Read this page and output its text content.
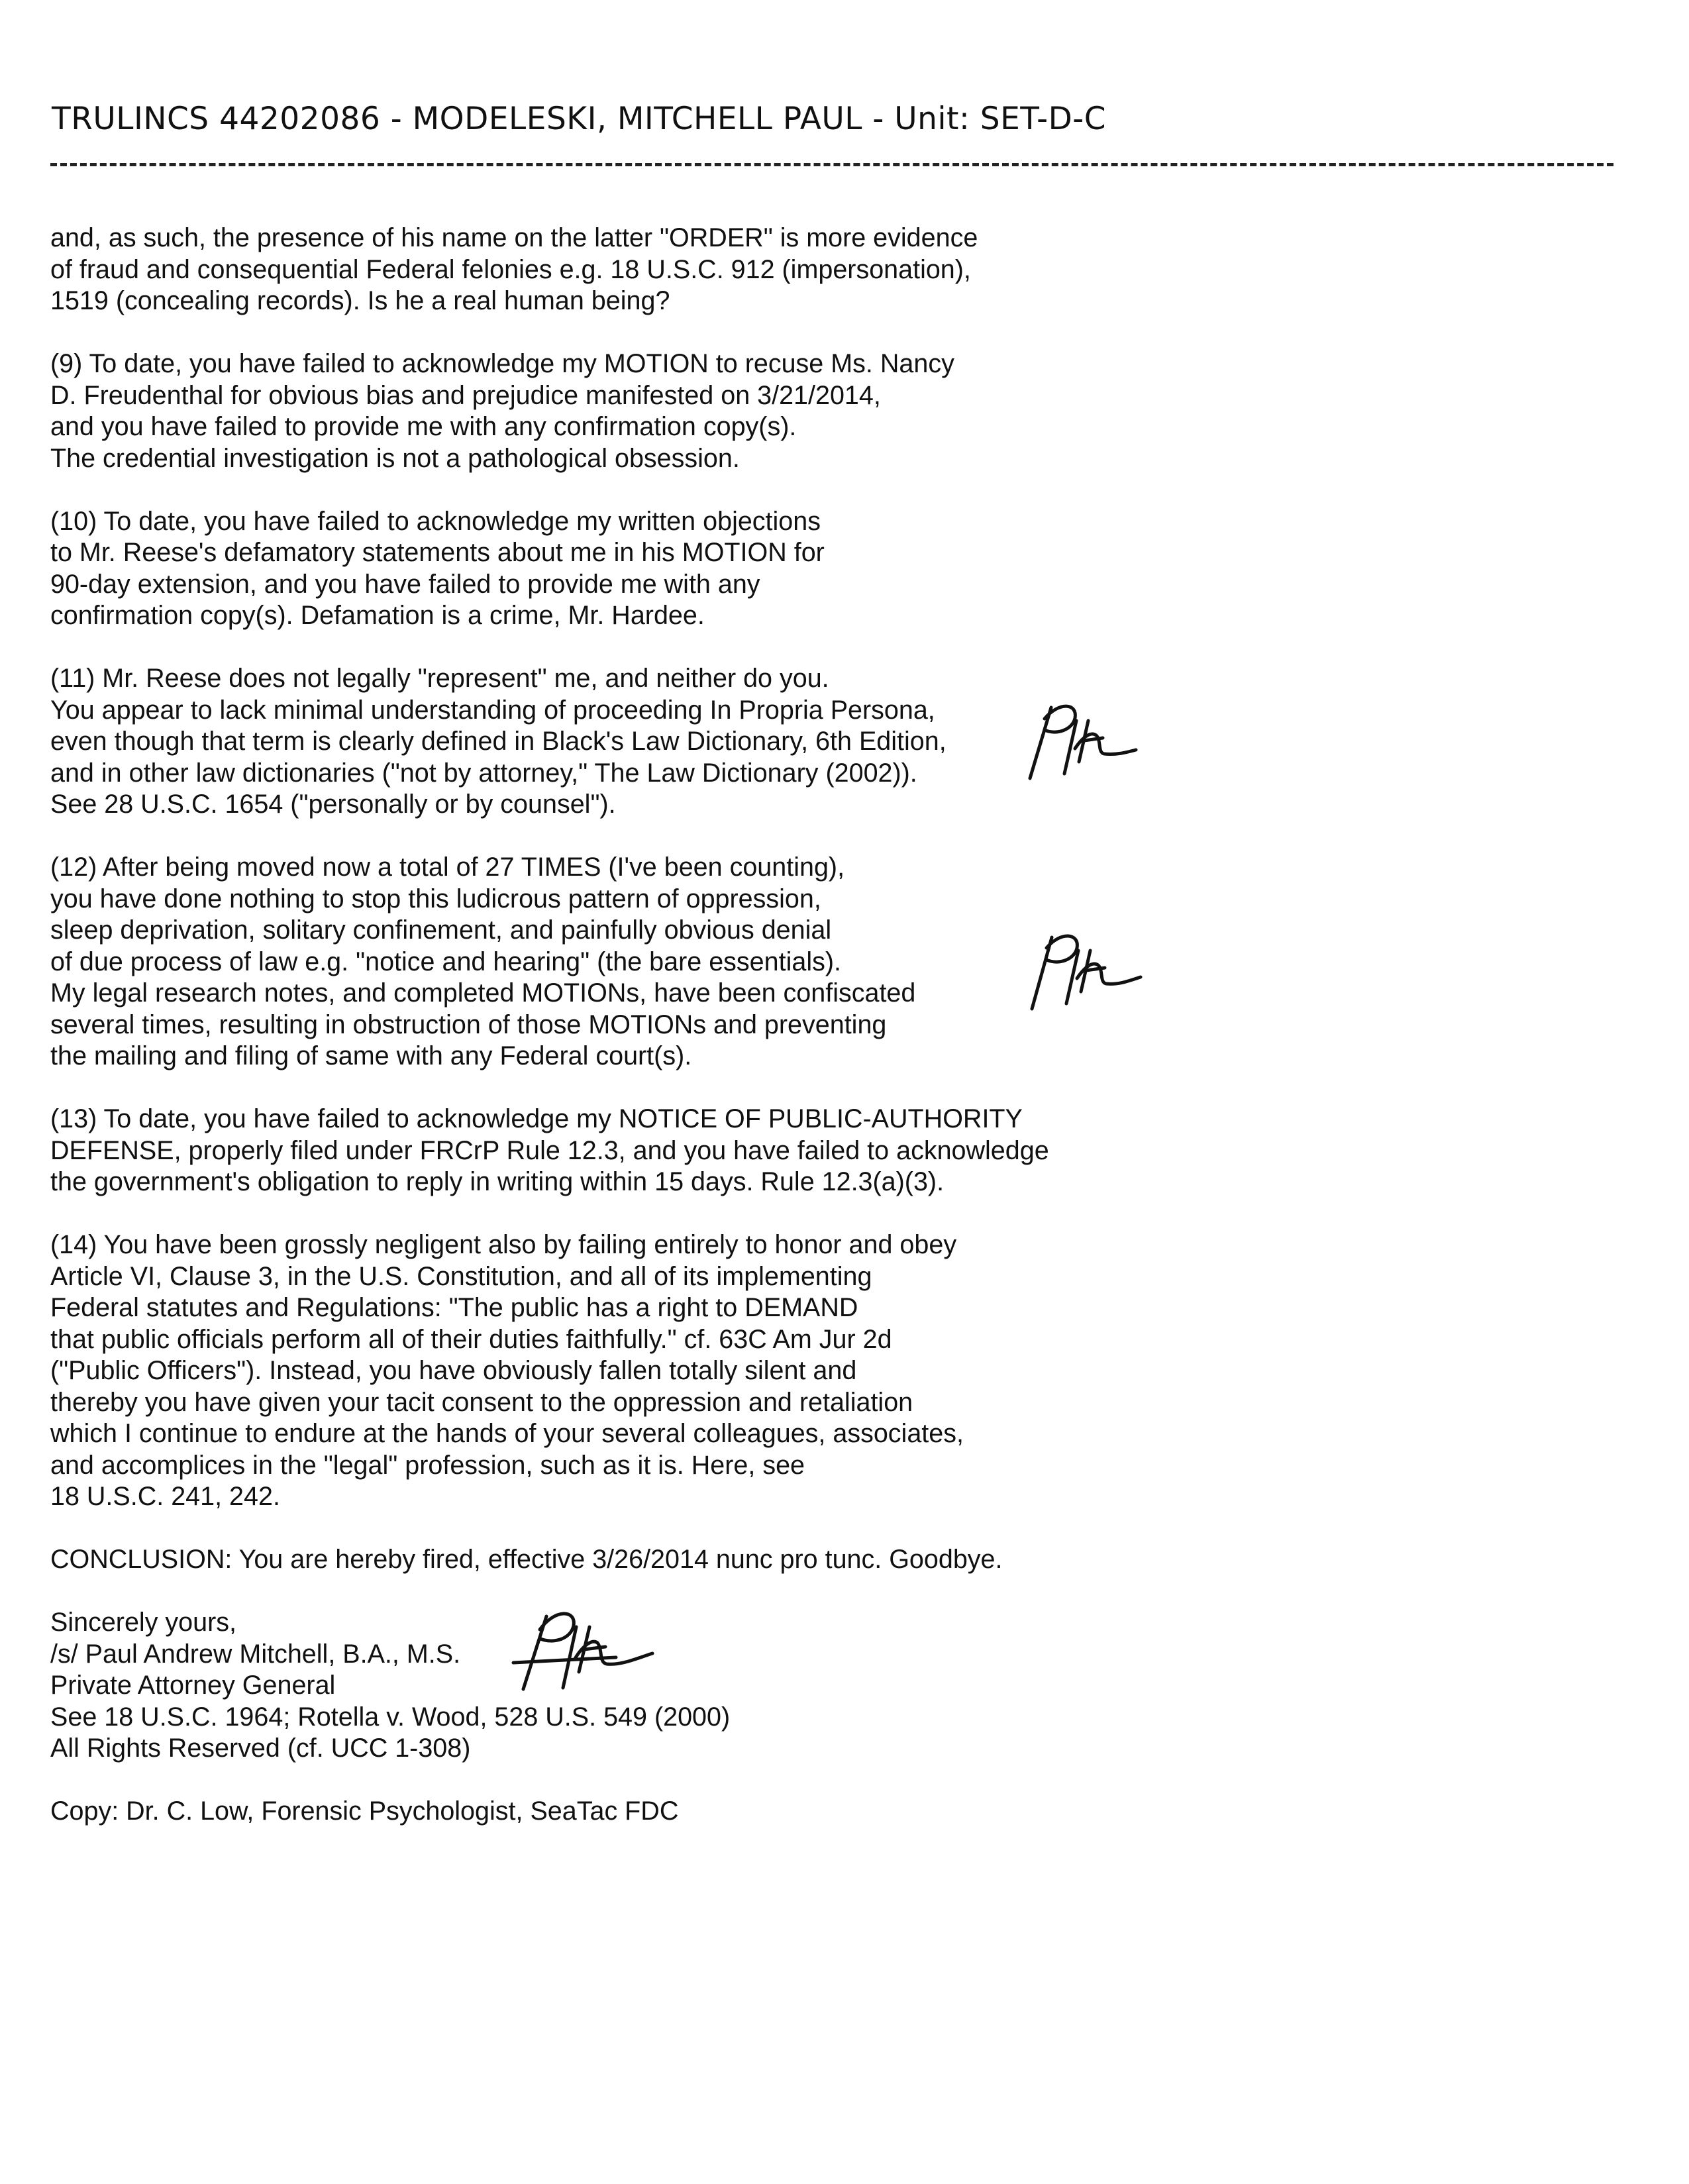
TRULINCS 44202086 - MODELESKI, MITCHELL PAUL - Unit: SET-D-C
and, as such, the presence of his name on the latter "ORDER" is more evidence
of fraud and consequential Federal felonies e.g. 18 U.S.C. 912 (impersonation),
1519 (concealing records). Is he a real human being?
(9) To date, you have failed to acknowledge my MOTION to recuse Ms. Nancy
D. Freudenthal for obvious bias and prejudice manifested on 3/21/2014,
and you have failed to provide me with any confirmation copy(s).
The credential investigation is not a pathological obsession.
(10) To date, you have failed to acknowledge my written objections
to Mr. Reese's defamatory statements about me in his MOTION for
90-day extension, and you have failed to provide me with any
confirmation copy(s). Defamation is a crime, Mr. Hardee.
(11) Mr. Reese does not legally "represent" me, and neither do you.
You appear to lack minimal understanding of proceeding In Propria Persona,
even though that term is clearly defined in Black's Law Dictionary, 6th Edition,
and in other law dictionaries ("not by attorney," The Law Dictionary (2002)).
See 28 U.S.C. 1654 ("personally or by counsel").
(12) After being moved now a total of 27 TIMES (I've been counting),
you have done nothing to stop this ludicrous pattern of oppression,
sleep deprivation, solitary confinement, and painfully obvious denial
of due process of law e.g. "notice and hearing" (the bare essentials).
My legal research notes, and completed MOTIONs, have been confiscated
several times, resulting in obstruction of those MOTIONs and preventing
the mailing and filing of same with any Federal court(s).
(13) To date, you have failed to acknowledge my NOTICE OF PUBLIC-AUTHORITY
DEFENSE, properly filed under FRCrP Rule 12.3, and you have failed to acknowledge
the government's obligation to reply in writing within 15 days. Rule 12.3(a)(3).
(14) You have been grossly negligent also by failing entirely to honor and obey
Article VI, Clause 3, in the U.S. Constitution, and all of its implementing
Federal statutes and Regulations: "The public has a right to DEMAND
that public officials perform all of their duties faithfully." cf. 63C Am Jur 2d
("Public Officers"). Instead, you have obviously fallen totally silent and
thereby you have given your tacit consent to the oppression and retaliation
which I continue to endure at the hands of your several colleagues, associates,
and accomplices in the "legal" profession, such as it is. Here, see
18 U.S.C. 241, 242.
CONCLUSION: You are hereby fired, effective 3/26/2014 nunc pro tunc. Goodbye.
Sincerely yours,
/s/ Paul Andrew Mitchell, B.A., M.S.
Private Attorney General
See 18 U.S.C. 1964; Rotella v. Wood, 528 U.S. 549 (2000)
All Rights Reserved (cf. UCC 1-308)
Copy: Dr. C. Low, Forensic Psychologist, SeaTac FDC
